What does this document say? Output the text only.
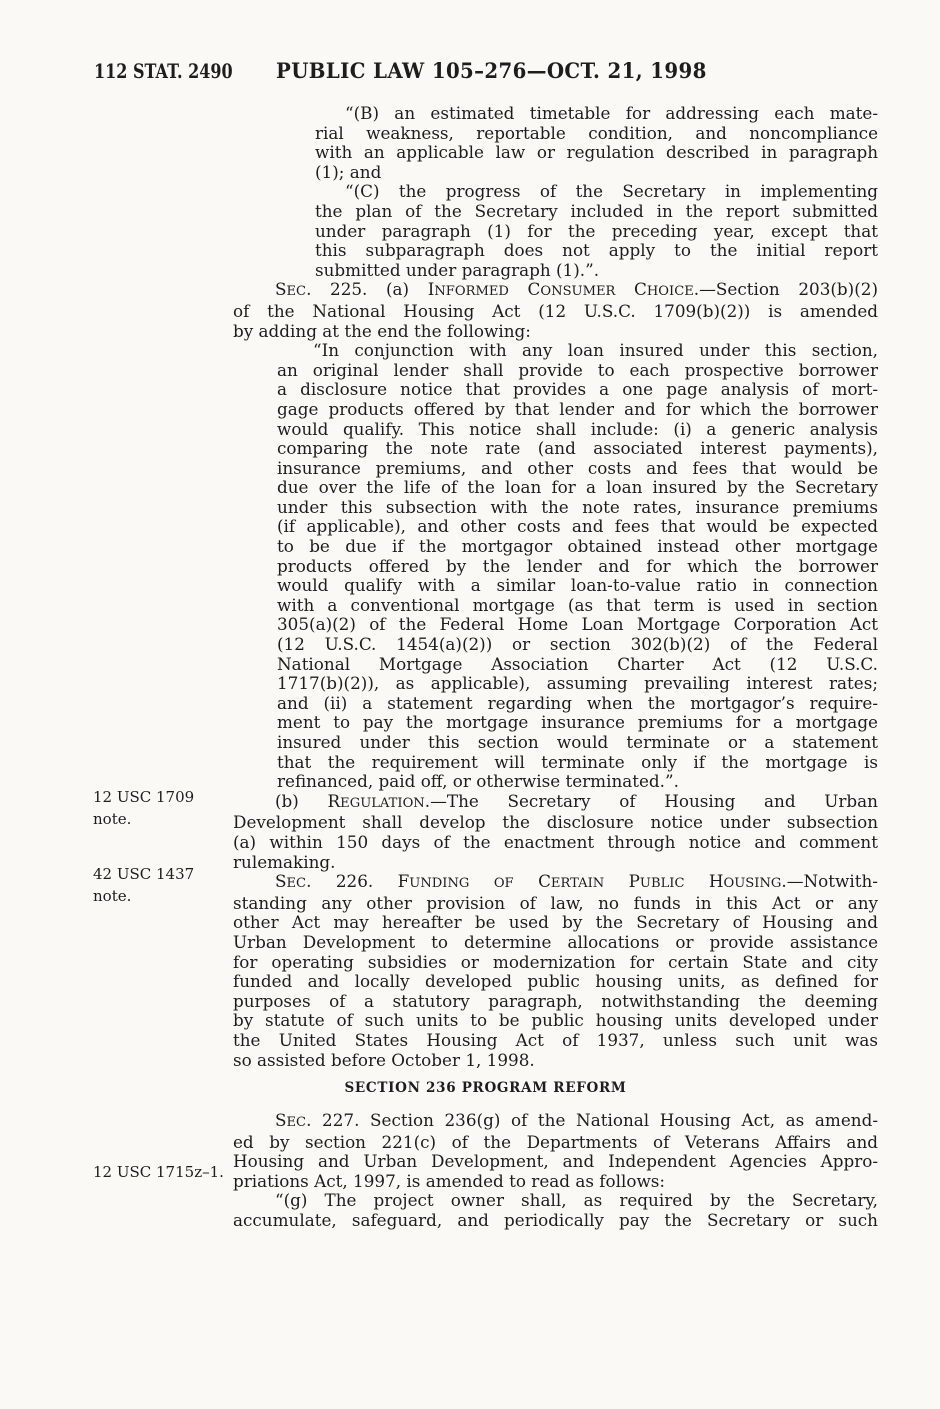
112 STAT. 2490 PUBLIC LAW 105–276—OCT. 21, 1998
12 USC 1709
note.
42 USC 1437
note.
12 USC 1715z–1.
“(B) an estimated timetable for addressing each mate-
rial weakness, reportable condition, and noncompliance
with an applicable law or regulation described in paragraph
(1); and
“(C) the progress of the Secretary in implementing
the plan of the Secretary included in the report submitted
under paragraph (1) for the preceding year, except that
this subparagraph does not apply to the initial report
submitted under paragraph (1).”.
SEC. 225. (a) INFORMED CONSUMER CHOICE.—Section 203(b)(2)
of the National Housing Act (12 U.S.C. 1709(b)(2)) is amended
by adding at the end the following:
“In conjunction with any loan insured under this section,
an original lender shall provide to each prospective borrower
a disclosure notice that provides a one page analysis of mort-
gage products offered by that lender and for which the borrower
would qualify. This notice shall include: (i) a generic analysis
comparing the note rate (and associated interest payments),
insurance premiums, and other costs and fees that would be
due over the life of the loan for a loan insured by the Secretary
under this subsection with the note rates, insurance premiums
(if applicable), and other costs and fees that would be expected
to be due if the mortgagor obtained instead other mortgage
products offered by the lender and for which the borrower
would qualify with a similar loan-to-value ratio in connection
with a conventional mortgage (as that term is used in section
305(a)(2) of the Federal Home Loan Mortgage Corporation Act
(12 U.S.C. 1454(a)(2)) or section 302(b)(2) of the Federal
National Mortgage Association Charter Act (12 U.S.C.
1717(b)(2)), as applicable), assuming prevailing interest rates;
and (ii) a statement regarding when the mortgagor’s require-
ment to pay the mortgage insurance premiums for a mortgage
insured under this section would terminate or a statement
that the requirement will terminate only if the mortgage is
refinanced, paid off, or otherwise terminated.”.
(b) REGULATION.—The Secretary of Housing and Urban
Development shall develop the disclosure notice under subsection
(a) within 150 days of the enactment through notice and comment
rulemaking.
SEC. 226. FUNDING OF CERTAIN PUBLIC HOUSING.—Notwith-
standing any other provision of law, no funds in this Act or any
other Act may hereafter be used by the Secretary of Housing and
Urban Development to determine allocations or provide assistance
for operating subsidies or modernization for certain State and city
funded and locally developed public housing units, as defined for
purposes of a statutory paragraph, notwithstanding the deeming
by statute of such units to be public housing units developed under
the United States Housing Act of 1937, unless such unit was
so assisted before October 1, 1998.
SECTION 236 PROGRAM REFORM
SEC. 227. Section 236(g) of the National Housing Act, as amend-
ed by section 221(c) of the Departments of Veterans Affairs and
Housing and Urban Development, and Independent Agencies Appro-
priations Act, 1997, is amended to read as follows:
“(g) The project owner shall, as required by the Secretary,
accumulate, safeguard, and periodically pay the Secretary or such
